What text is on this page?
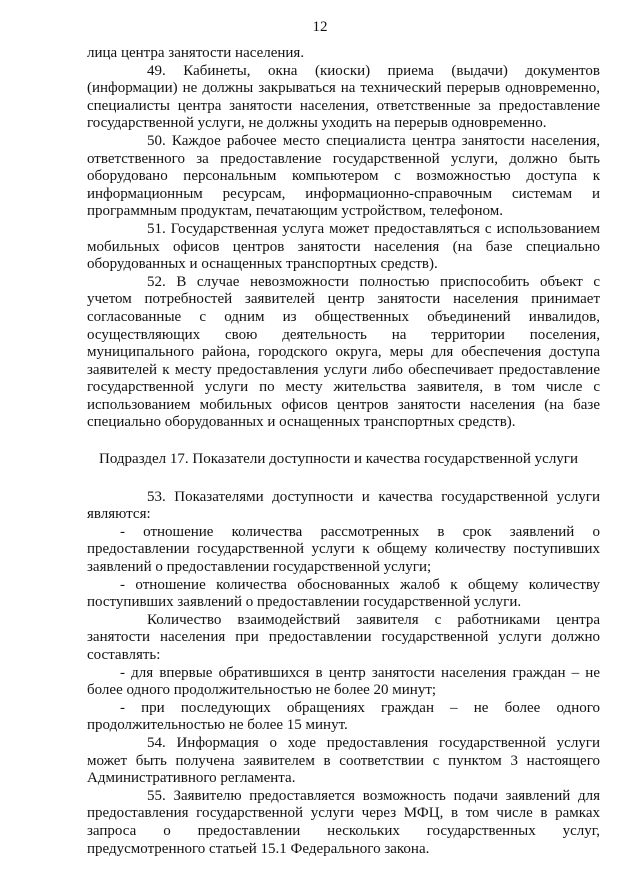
12

лица центра занятости населения.

49. Кабинеты, окна (киоски) приема (выдачи) документов (информации) не должны закрываться на технический перерыв одновременно, специалисты центра занятости населения, ответственные за предоставление государственной услуги, не должны уходить на перерыв одновременно.

50. Каждое рабочее место специалиста центра занятости населения, ответственного за предоставление государственной услуги, должно быть оборудовано персональным компьютером с возможностью доступа к информационным ресурсам, информационно-справочным системам и программным продуктам, печатающим устройством, телефоном.

51. Государственная услуга может предоставляться с использованием мобильных офисов центров занятости населения (на базе специально оборудованных и оснащенных транспортных средств).

52. В случае невозможности полностью приспособить объект с учетом потребностей заявителей центр занятости населения принимает согласованные с одним из общественных объединений инвалидов, осуществляющих свою деятельность на территории поселения, муниципального района, городского округа, меры для обеспечения доступа заявителей к месту предоставления услуги либо обеспечивает предоставление государственной услуги по месту жительства заявителя, в том числе с использованием мобильных офисов центров занятости населения (на базе специально оборудованных и оснащенных транспортных средств).

Подраздел 17. Показатели доступности и качества государственной услуги

53. Показателями доступности и качества государственной услуги являются:

- отношение количества рассмотренных в срок заявлений о предоставлении государственной услуги к общему количеству поступивших заявлений о предоставлении государственной услуги;

- отношение количества обоснованных жалоб к общему количеству поступивших заявлений о предоставлении государственной услуги.

Количество взаимодействий заявителя с работниками центра занятости населения при предоставлении государственной услуги должно составлять:

- для впервые обратившихся в центр занятости населения граждан – не более одного продолжительностью не более 20 минут;

- при последующих обращениях граждан – не более одного продолжительностью не более 15 минут.

54. Информация о ходе предоставления государственной услуги может быть получена заявителем в соответствии с пунктом 3 настоящего Административного регламента.

55. Заявителю предоставляется возможность подачи заявлений для предоставления государственной услуги через МФЦ, в том числе в рамках запроса о предоставлении нескольких государственных услуг, предусмотренного статьей 15.1 Федерального закона.
